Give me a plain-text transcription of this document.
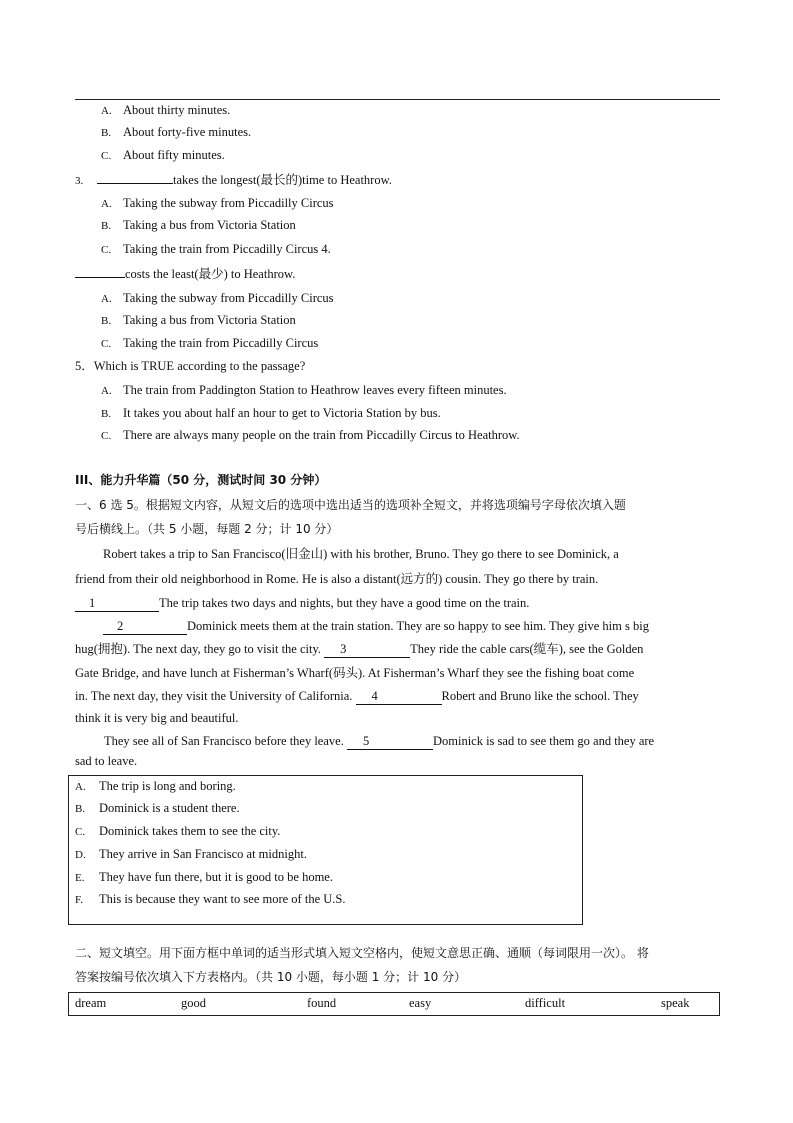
A. About thirty minutes.
B. About forty-five minutes.
C. About fifty minutes.
3.	takes the longest(最长的)time to Heathrow.
A. Taking the subway from Piccadilly Circus
B. Taking a bus from Victoria Station
C. Taking the train from Piccadilly Circus 4.
costs the least(最少) to Heathrow.
A. Taking the subway from Piccadilly Circus
B. Taking a bus from Victoria Station
C. Taking the train from Piccadilly Circus
5．Which is TRUE according to the passage?
A. The train from Paddington Station to Heathrow leaves every fifteen minutes.
B. It takes you about half an hour to get to Victoria Station by bus.
C. There are always many people on the train from Piccadilly Circus to Heathrow.
III、能力升华篇（50 分，测试时间 30 分钟）
一、6 选 5。根据短文内容，从短文后的选项中选出适当的选项补全短文，并将选项编号字母依次填入题
号后横线上。（共 5 小题，每题 2 分；计 10 分）
Robert takes a trip to San Francisco(旧金山) with his brother, Bruno. They go there to see Dominick, a
friend from their old neighborhood in Rome. He is also a distant(远方的) cousin. They go there by train.
1	The trip takes two days and nights, but they have a good time on the train.
2	Dominick meets them at the train station. They are so happy to see him. They give him s big
hug(拥抱). The next day, they go to visit the city. 3	They ride the cable cars(缆车), see the Golden
Gate Bridge, and have lunch at Fisherman’s Wharf(码头). At Fisherman’s Wharf they see the fishing boat come
in. The next day, they visit the University of California. 4	Robert and Bruno like the school. They
think it is very big and beautiful.
They see all of San Francisco before they leave. 5	Dominick is sad to see them go and they are
sad to leave.
A. The trip is long and boring.
B. Dominick is a student there.
C. Dominick takes them to see the city.
D. They arrive in San Francisco at midnight.
E. They have fun there, but it is good to be home.
F. This is because they want to see more of the U.S.
二、短文填空。用下面方框中单词的适当形式填入短文空格内，使短文意思正确、通顺（每词限用一次）。 将
答案按编号依次填入下方表格内。（共 10 小题，每小题 1 分；计 10 分）
dream	good	found	easy	difficult	speak
